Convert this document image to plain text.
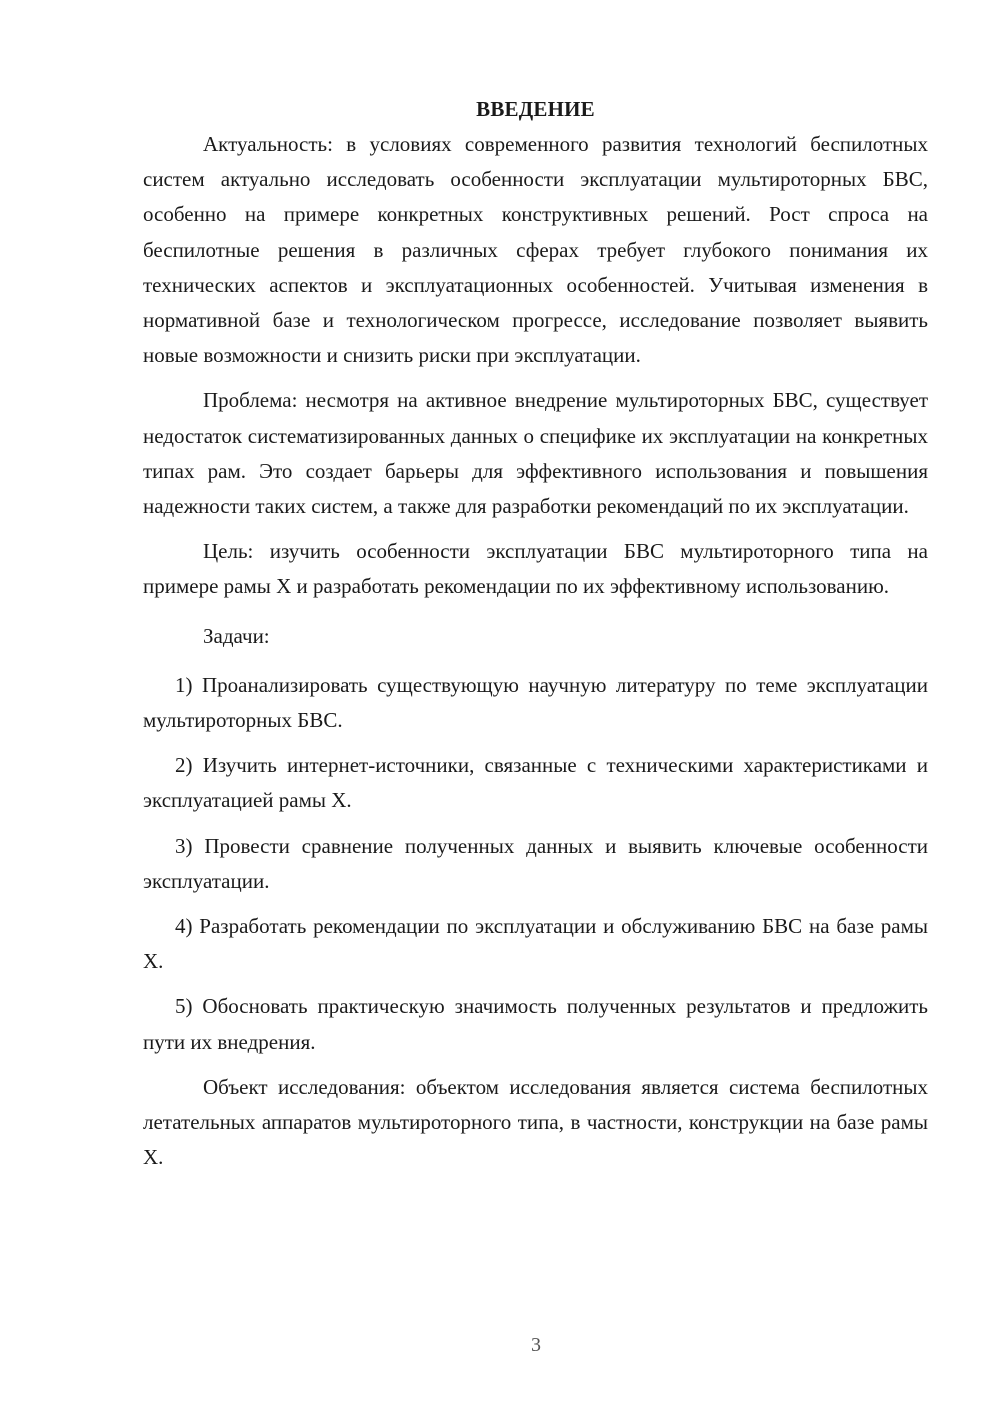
ВВЕДЕНИЕ

Актуальность: в условиях современного развития технологий беспилотных систем актуально исследовать особенности эксплуатации мультироторных БВС, особенно на примере конкретных конструктивных решений. Рост спроса на беспилотные решения в различных сферах требует глубокого понимания их технических аспектов и эксплуатационных особенностей. Учитывая изменения в нормативной базе и технологическом прогрессе, исследование позволяет выявить новые возможности и снизить риски при эксплуатации.

Проблема: несмотря на активное внедрение мультироторных БВС, существует недостаток систематизированных данных о специфике их эксплуатации на конкретных типах рам. Это создает барьеры для эффективного использования и повышения надежности таких систем, а также для разработки рекомендаций по их эксплуатации.

Цель: изучить особенности эксплуатации БВС мультироторного типа на примере рамы X и разработать рекомендации по их эффективному использованию.

Задачи:

1) Проанализировать существующую научную литературу по теме эксплуатации мультироторных БВС.

2) Изучить интернет-источники, связанные с техническими характеристиками и эксплуатацией рамы X.

3) Провести сравнение полученных данных и выявить ключевые особенности эксплуатации.

4) Разработать рекомендации по эксплуатации и обслуживанию БВС на базе рамы X.

5) Обосновать практическую значимость полученных результатов и предложить пути их внедрения.

Объект исследования: объектом исследования является система беспилотных летательных аппаратов мультироторного типа, в частности, конструкции на базе рамы X.

3
